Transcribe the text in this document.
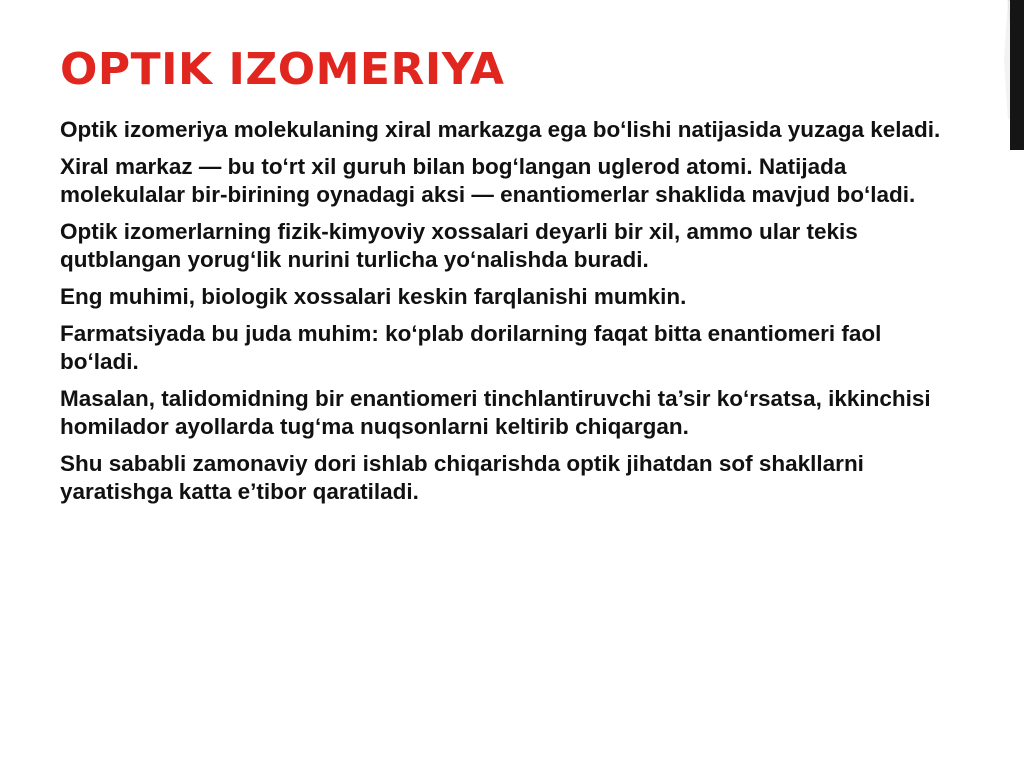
OPTIK IZOMERIYA

Optik izomeriya molekulaning xiral markazga ega bo‘lishi natijasida yuzaga keladi.

Xiral markaz — bu to‘rt xil guruh bilan bog‘langan uglerod atomi. Natijada molekulalar bir-birining oynadagi aksi — enantiomerlar shaklida mavjud bo‘ladi.

Optik izomerlarning fizik-kimyoviy xossalari deyarli bir xil, ammo ular tekis qutblangan yorug‘lik nurini turlicha yo‘nalishda buradi.

Eng muhimi, biologik xossalari keskin farqlanishi mumkin.

Farmatsiyada bu juda muhim: ko‘plab dorilarning faqat bitta enantiomeri faol bo‘ladi.

Masalan, talidomidning bir enantiomeri tinchlantiruvchi ta’sir ko‘rsatsa, ikkinchisi homilador ayollarda tug‘ma nuqsonlarni keltirib chiqargan.

Shu sababli zamonaviy dori ishlab chiqarishda optik jihatdan sof shakllarni yaratishga katta e’tibor qaratiladi.
